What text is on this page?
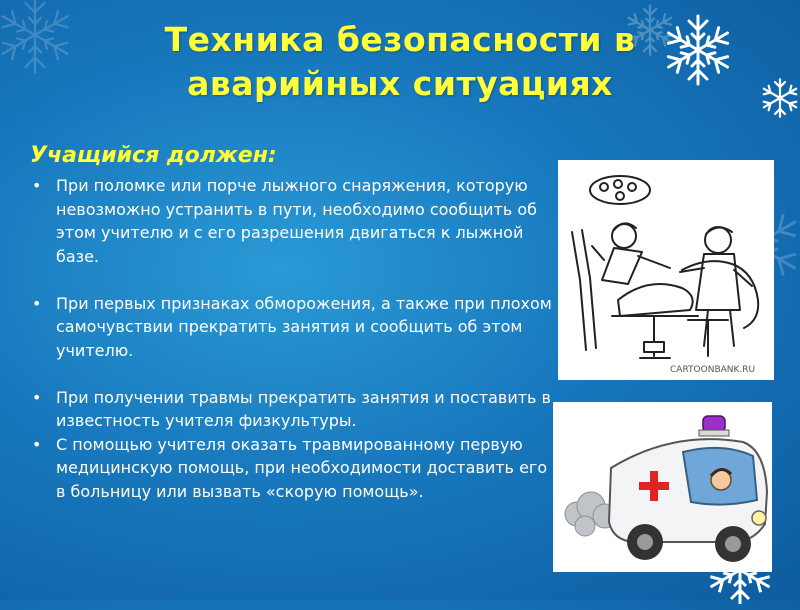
Техника безопасности в аварийных ситуациях
Учащийся должен:
• При поломке или порче лыжного снаряжения, которую невозможно устранить в пути, необходимо сообщить об этом учителю и с его разрешения двигаться к лыжной базе.
• При первых признаках обморожения, а также при плохом самочувствии прекратить занятия и сообщить об этом учителю.
• При получении травмы прекратить занятия и поставить в известность учителя физкультуры.
• С помощью учителя оказать травмированному первую медицинскую помощь, при необходимости доставить его в больницу или вызвать «скорую помощь».
CARTOONBANK.RU
